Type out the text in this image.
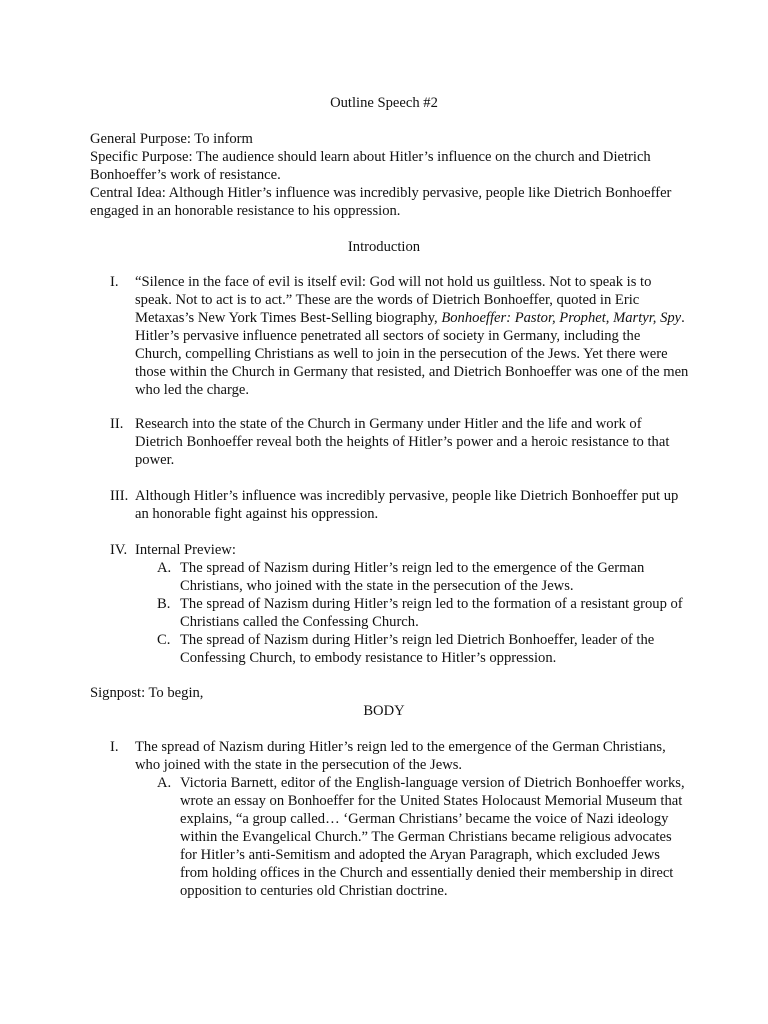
Outline Speech #2

General Purpose: To inform

Specific Purpose: The audience should learn about Hitler’s influence on the church and Dietrich Bonhoeffer’s work of resistance.

Central Idea: Although Hitler’s influence was incredibly pervasive, people like Dietrich Bonhoeffer engaged in an honorable resistance to his oppression.

Introduction
I. “Silence in the face of evil is itself evil: God will not hold us guiltless. Not to speak is to speak. Not to act is to act.” These are the words of Dietrich Bonhoeffer, quoted in Eric Metaxas’s New York Times Best-Selling biography, Bonhoeffer: Pastor, Prophet, Martyr, Spy. Hitler’s pervasive influence penetrated all sectors of society in Germany, including the Church, compelling Christians as well to join in the persecution of the Jews. Yet there were those within the Church in Germany that resisted, and Dietrich Bonhoeffer was one of the men who led the charge.
II. Research into the state of the Church in Germany under Hitler and the life and work of Dietrich Bonhoeffer reveal both the heights of Hitler’s power and a heroic resistance to that power.
III. Although Hitler’s influence was incredibly pervasive, people like Dietrich Bonhoeffer put up an honorable fight against his oppression.
IV. Internal Preview:
A. The spread of Nazism during Hitler’s reign led to the emergence of the German Christians, who joined with the state in the persecution of the Jews.
B. The spread of Nazism during Hitler’s reign led to the formation of a resistant group of Christians called the Confessing Church.
C. The spread of Nazism during Hitler’s reign led Dietrich Bonhoeffer, leader of the Confessing Church, to embody resistance to Hitler’s oppression.
Signpost: To begin,
BODY
I. The spread of Nazism during Hitler’s reign led to the emergence of the German Christians, who joined with the state in the persecution of the Jews.
A. Victoria Barnett, editor of the English-language version of Dietrich Bonhoeffer works, wrote an essay on Bonhoeffer for the United States Holocaust Memorial Museum that explains, “a group called… ‘German Christians’ became the voice of Nazi ideology within the Evangelical Church.” The German Christians became religious advocates for Hitler’s anti-Semitism and adopted the Aryan Paragraph, which excluded Jews from holding offices in the Church and essentially denied their membership in direct opposition to centuries old Christian doctrine.
